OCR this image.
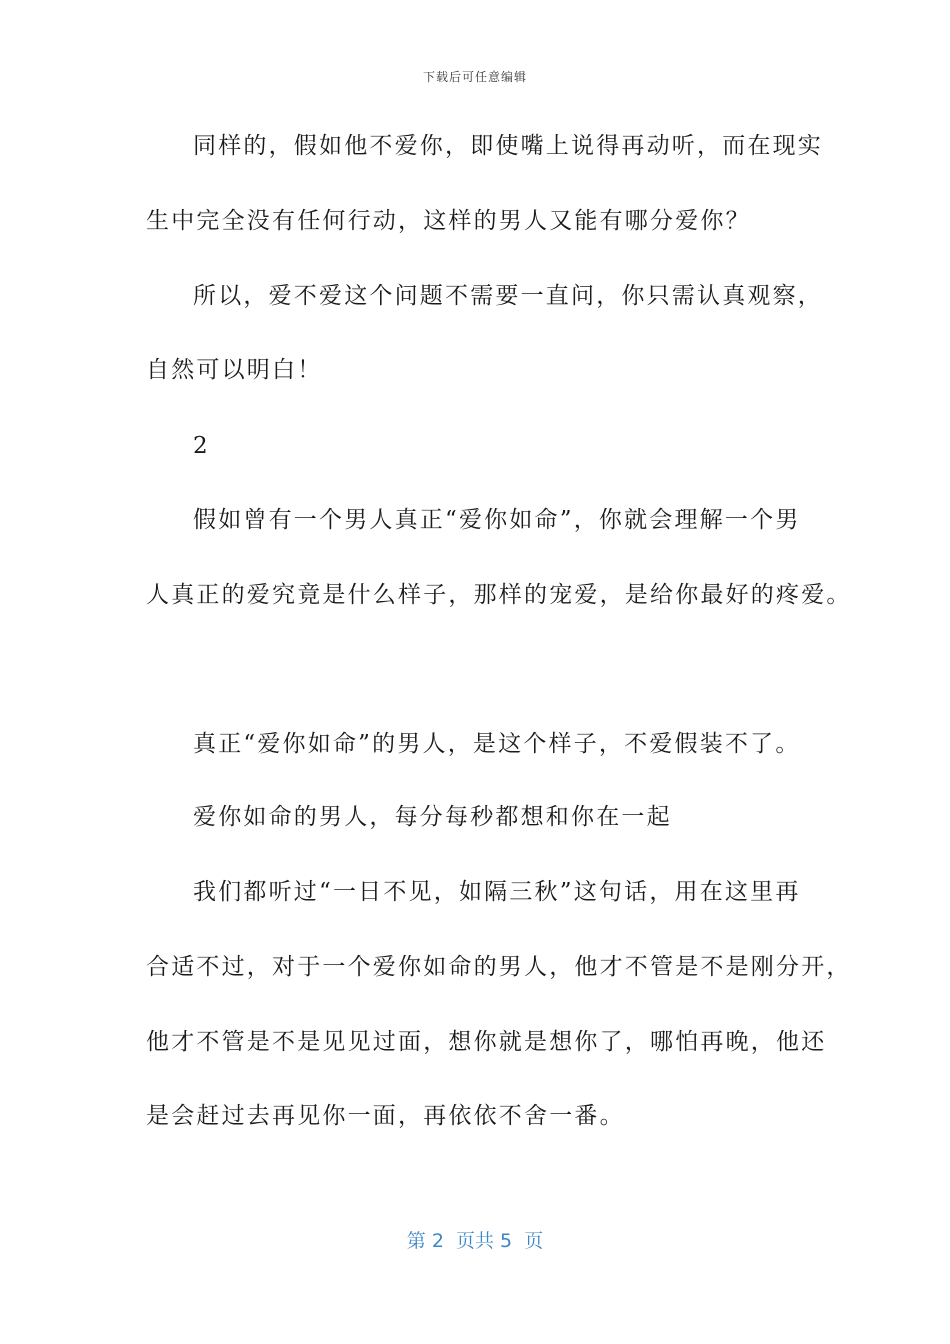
下载后可任意编辑
同样的，假如他不爱你，即使嘴上说得再动听，而在现实
生中完全没有任何行动，这样的男人又能有哪分爱你？
所以，爱不爱这个问题不需要一直问，你只需认真观察，
自然可以明白！
2
假如曾有一个男人真正“爱你如命”，你就会理解一个男
人真正的爱究竟是什么样子，那样的宠爱，是给你最好的疼爱。
真正“爱你如命”的男人，是这个样子，不爱假装不了。
爱你如命的男人，每分每秒都想和你在一起
我们都听过“一日不见，如隔三秋”这句话，用在这里再
合适不过，对于一个爱你如命的男人，他才不管是不是刚分开，
他才不管是不是见见过面，想你就是想你了，哪怕再晚，他还
是会赶过去再见你一面，再依依不舍一番。
第 2  页共 5  页
